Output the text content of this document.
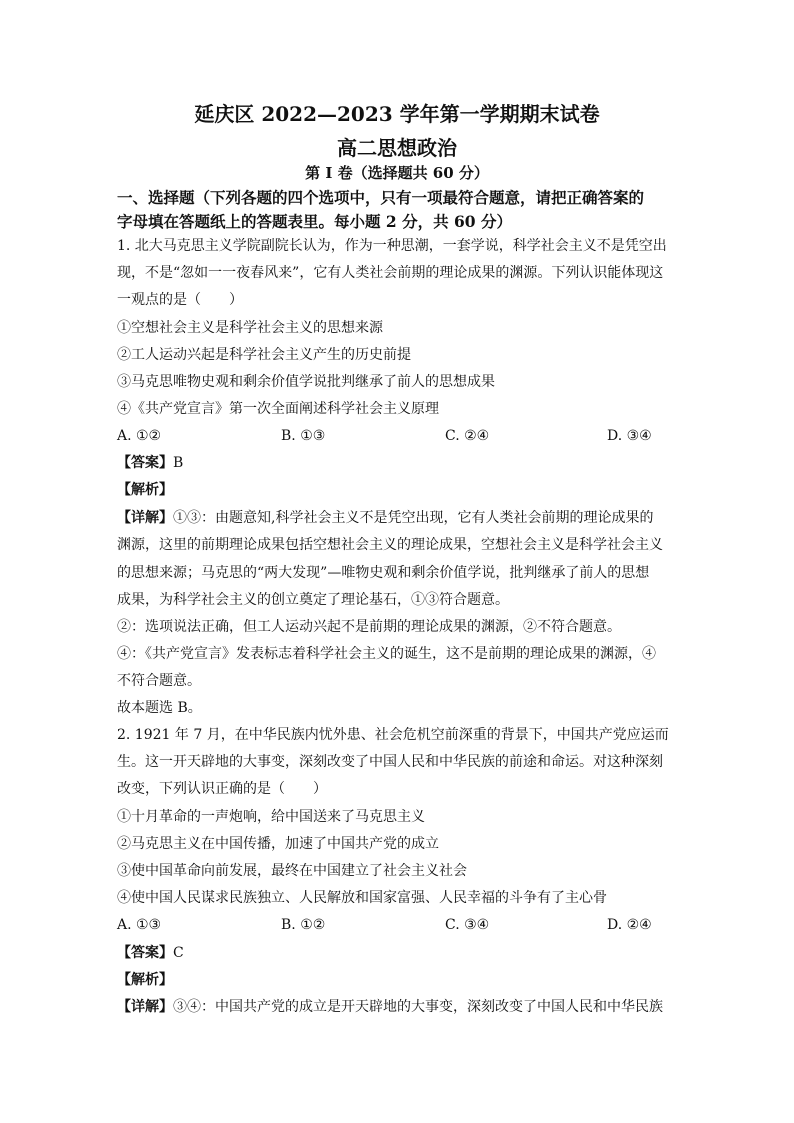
延庆区 2022—2023 学年第一学期期末试卷
高二思想政治
第 I 卷（选择题共 60 分）
一、选择题（下列各题的四个选项中，只有一项最符合题意，请把正确答案的
字母填在答题纸上的答题表里。每小题 2 分，共 60 分）
1. 北大马克思主义学院副院长认为，作为一种思潮，一套学说，科学社会主义不是凭空出
现，不是“忽如一一夜春风来”，它有人类社会前期的理论成果的渊源。下列认识能体现这
一观点的是（　　）
①空想社会主义是科学社会主义的思想来源
②工人运动兴起是科学社会主义产生的历史前提
③马克思唯物史观和剩余价值学说批判继承了前人的思想成果
④《共产党宣言》第一次全面阐述科学社会主义原理
A. ①②	B. ①③	C. ②④	D. ③④
【答案】B
【解析】
【详解】①③：由题意知,科学社会主义不是凭空出现，它有人类社会前期的理论成果的
渊源，这里的前期理论成果包括空想社会主义的理论成果，空想社会主义是科学社会主义
的思想来源；马克思的“两大发现”—唯物史观和剩余价值学说，批判继承了前人的思想
成果，为科学社会主义的创立奠定了理论基石，①③符合题意。
②：选项说法正确，但工人运动兴起不是前期的理论成果的渊源，②不符合题意。
④：《共产党宣言》发表标志着科学社会主义的诞生，这不是前期的理论成果的渊源，④
不符合题意。
故本题选 B。
2. 1921 年 7 月，在中华民族内忧外患、社会危机空前深重的背景下，中国共产党应运而
生。这一开天辟地的大事变，深刻改变了中国人民和中华民族的前途和命运。对这种深刻
改变，下列认识正确的是（　　）
①十月革命的一声炮响，给中国送来了马克思主义
②马克思主义在中国传播，加速了中国共产党的成立
③使中国革命向前发展，最终在中国建立了社会主义社会
④使中国人民谋求民族独立、人民解放和国家富强、人民幸福的斗争有了主心骨
A. ①③	B. ①②	C. ③④	D. ②④
【答案】C
【解析】
【详解】③④：中国共产党的成立是开天辟地的大事变，深刻改变了中国人民和中华民族
